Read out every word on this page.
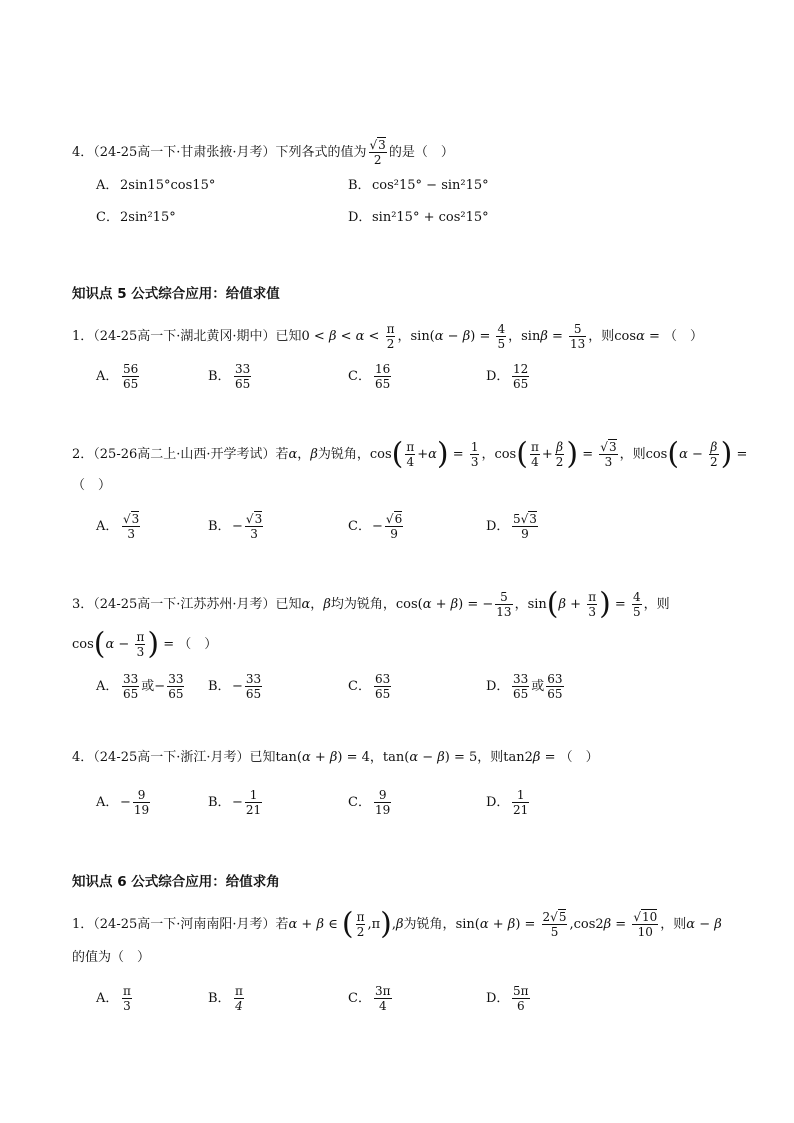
4．（24-25高一下·甘肃张掖·月考）下列各式的值为 $\frac{√3}{2}$ 的是（　）
A． 2sin15°cos15°	B．cos²15° − sin²15°
C．2sin²15°	D．sin²15° + cos²15°
知识点 5 公式综合应用：给值求值
1．（24-25高一下·湖北黄冈·期中）已知$0 < \beta < \alpha < \frac{\pi}{2}$ ，$\sin(\alpha - \beta) = \frac{4}{5}$ ，$\sin\beta = \frac{5}{13}$ ，则cosα = （　）
A． $\frac{56}{65}$	B． $\frac{33}{65}$	C． $\frac{16}{65}$	D． $\frac{12}{65}$
2．（25-26高二上·山西·开学考试）若α，β为锐角，$\cos( \frac{\pi}{4} +\alpha) = \frac{1}{3}$ ，$\cos( \frac{\pi}{4} + \frac{\beta}{2}$ ) = $\frac{√3}{3}$ ，则$\cos(\alpha - \frac{\beta}{2}$ ) =
（　）
A． $\frac{√3}{3}$	B．− $\frac{√3}{3}$	C．− $\frac{√6}{9}$	D． $\frac{5√3}{9}$
3．（24-25高一下·江苏苏州·月考）已知α，β均为锐角，cos(α + β) = − $\frac{5}{13}$ ，$\sin(\beta + \frac{\pi}{3}$ ) = $\frac{4}{5}$ ，则
$\cos(\alpha - \frac{\pi}{3}$ ) = （　）
A． $\frac{33}{65}$ 或− $\frac{33}{65}$ B．− $\frac{33}{65}$	C． $\frac{63}{65}$	D． $\frac{33}{65}$ 或 $\frac{63}{65}$
4．（24-25高一下·浙江·月考）已知tan(α + β) = 4，tan(α − β) = 5，则tan2β = （　）
A． − $\frac{9}{19}$	B．− $\frac{1}{21}$	C． $\frac{9}{19}$	D． $\frac{1}{21}$
知识点 6 公式综合应用：给值求角
1．（24-25高一下·河南南阳·月考）若α + β ∈ ( $\frac{\pi}{2} ,\pi),\beta$为锐角，$\sin(\alpha + \beta) = \frac{2√5}{5} ,\cos 2\beta = \frac{√10}{10}$ ，则α − β
的值为（　）
A． $\frac{\pi}{3}$	B． $\frac{\pi}{4}$	C． $\frac{3\pi}{4}$	D． $\frac{5\pi}{6}$
